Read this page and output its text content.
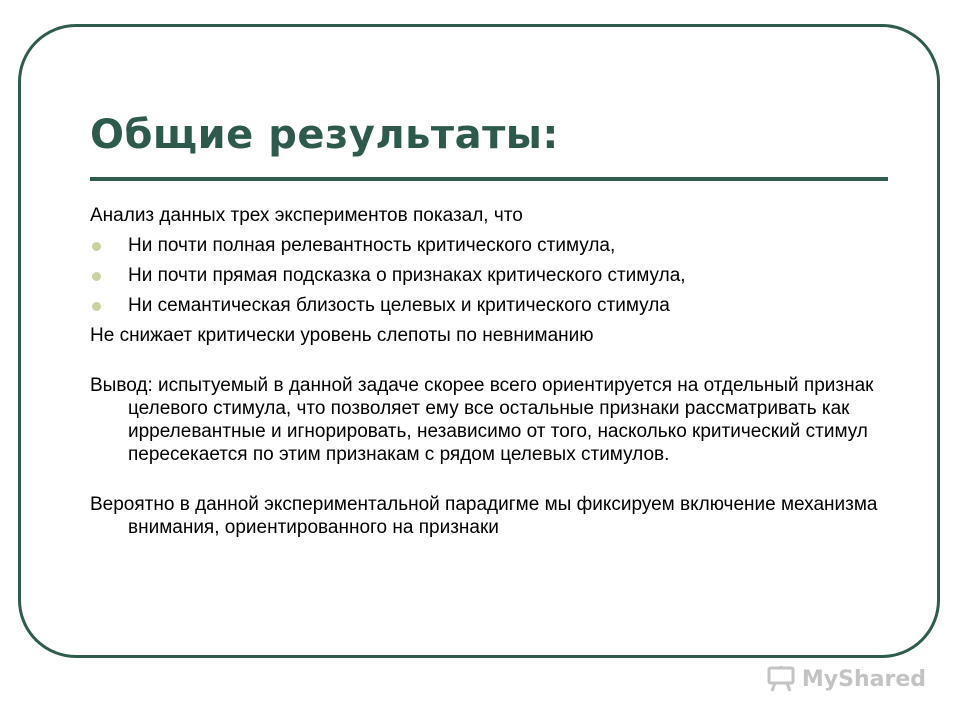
Общие результаты:

Анализ данных трех экспериментов показал, что

Ни почти полная релевантность критического стимула,
Ни почти прямая подсказка о признаках критического стимула,
Ни семантическая близость целевых и критического стимула

Не снижает критически уровень слепоты по невниманию

Вывод: испытуемый в данной задаче скорее всего ориентируется на отдельный признак целевого стимула, что позволяет ему все остальные признаки рассматривать как иррелевантные и игнорировать, независимо от того, насколько критический стимул пересекается по этим признакам с рядом целевых стимулов.

Вероятно в данной экспериментальной парадигме мы фиксируем включение механизма внимания, ориентированного на признаки

MyShared
